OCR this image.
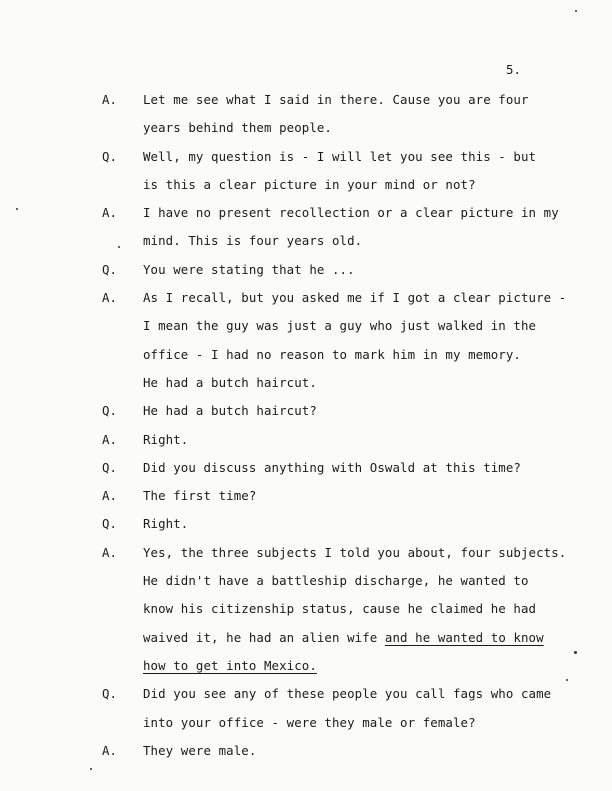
5.
A. Let me see what I said in there. Cause you are four
years behind them people.
Q. Well, my question is - I will let you see this - but
is this a clear picture in your mind or not?
A. I have no present recollection or a clear picture in my
mind. This is four years old.
Q. You were stating that he ...
A. As I recall, but you asked me if I got a clear picture -
I mean the guy was just a guy who just walked in the
office - I had no reason to mark him in my memory.
He had a butch haircut.
Q. He had a butch haircut?
A. Right.
Q. Did you discuss anything with Oswald at this time?
A. The first time?
Q. Right.
A. Yes, the three subjects I told you about, four subjects.
He didn't have a battleship discharge, he wanted to
know his citizenship status, cause he claimed he had
waived it, he had an alien wife and he wanted to know
how to get into Mexico.
Q. Did you see any of these people you call fags who came
into your office - were they male or female?
A. They were male.
